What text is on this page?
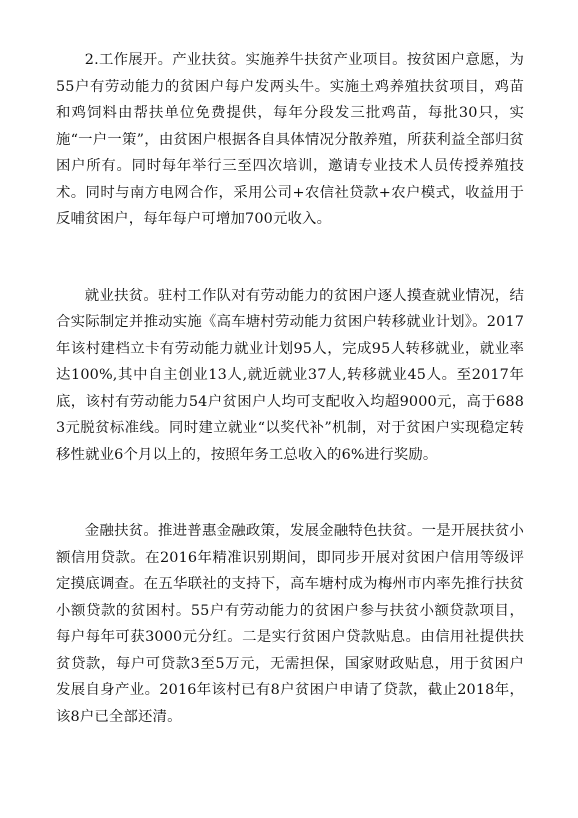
2.工作展开。产业扶贫。实施养牛扶贫产业项目。按贫困户意愿，为55户有劳动能力的贫困户每户发两头牛。实施土鸡养殖扶贫项目，鸡苗和鸡饲料由帮扶单位免费提供，每年分段发三批鸡苗，每批30只，实施“一户一策”，由贫困户根据各自具体情况分散养殖，所获利益全部归贫困户所有。同时每年举行三至四次培训，邀请专业技术人员传授养殖技术。同时与南方电网合作，采用公司+农信社贷款+农户模式，收益用于反哺贫困户，每年每户可增加700元收入。

就业扶贫。驻村工作队对有劳动能力的贫困户逐人摸查就业情况，结合实际制定并推动实施《高车塘村劳动能力贫困户转移就业计划》。2017年该村建档立卡有劳动能力就业计划95人，完成95人转移就业，就业率达100%,其中自主创业13人,就近就业37人,转移就业45人。至2017年底，该村有劳动能力54户贫困户人均可支配收入均超9000元，高于6883元脱贫标准线。同时建立就业“以奖代补”机制，对于贫困户实现稳定转移性就业6个月以上的，按照年务工总收入的6%进行奖励。

金融扶贫。推进普惠金融政策，发展金融特色扶贫。一是开展扶贫小额信用贷款。在2016年精准识别期间，即同步开展对贫困户信用等级评定摸底调查。在五华联社的支持下，高车塘村成为梅州市内率先推行扶贫小额贷款的贫困村。55户有劳动能力的贫困户参与扶贫小额贷款项目，每户每年可获3000元分红。二是实行贫困户贷款贴息。由信用社提供扶贫贷款，每户可贷款3至5万元，无需担保，国家财政贴息，用于贫困户发展自身产业。2016年该村已有8户贫困户申请了贷款，截止2018年，该8户已全部还清。
